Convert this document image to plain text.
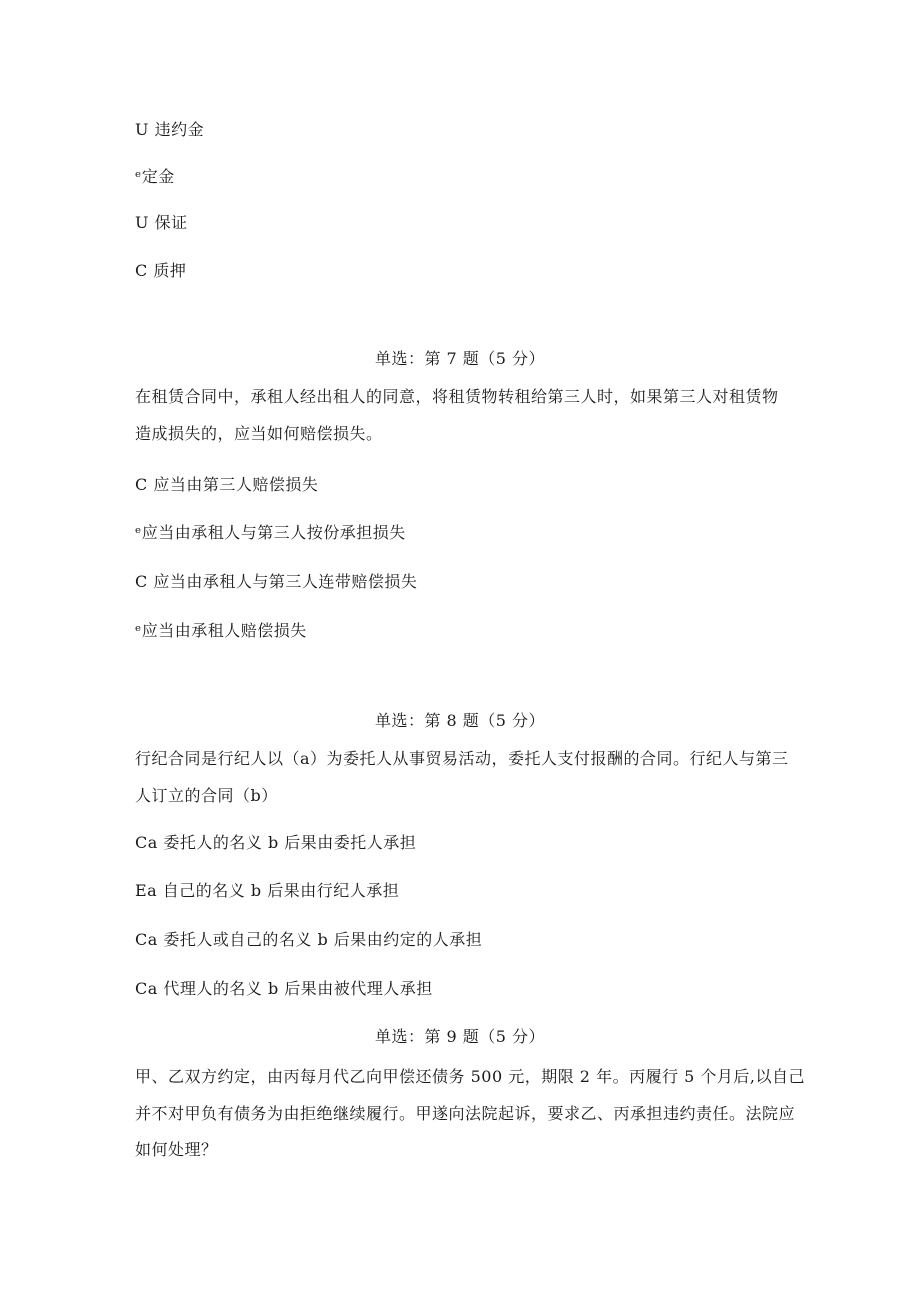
U 违约金
ᵉ定金
U 保证
C 质押
单选：第 7 题（5 分）
在租赁合同中，承租人经出租人的同意，将租赁物转租给第三人时，如果第三人对租赁物
造成损失的，应当如何赔偿损失。
C 应当由第三人赔偿损失
ᵉ应当由承租人与第三人按份承担损失
C 应当由承租人与第三人连带赔偿损失
ᵉ应当由承租人赔偿损失
单选：第 8 题（5 分）
行纪合同是行纪人以（a）为委托人从事贸易活动，委托人支付报酬的合同。行纪人与第三
人订立的合同（b）
Ca 委托人的名义 b 后果由委托人承担
Ea 自己的名义 b 后果由行纪人承担
Ca 委托人或自己的名义 b 后果由约定的人承担
Ca 代理人的名义 b 后果由被代理人承担
单选：第 9 题（5 分）
甲、乙双方约定，由丙每月代乙向甲偿还债务 500 元，期限 2 年。丙履行 5 个月后,以自己
并不对甲负有债务为由拒绝继续履行。甲遂向法院起诉，要求乙、丙承担违约责任。法院应
如何处理？
